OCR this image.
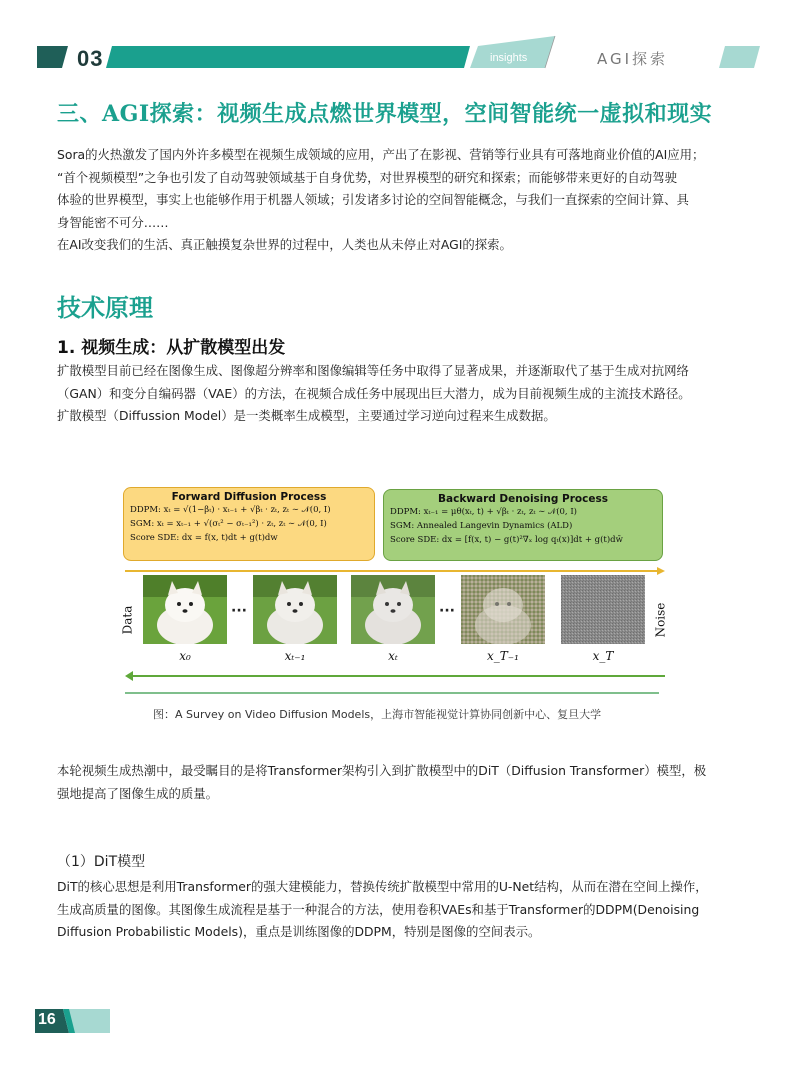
03	insights	AGI探索
三、AGI探索：视频生成点燃世界模型，空间智能统一虚拟和现实
Sora的火热激发了国内外许多模型在视频生成领域的应用，产出了在影视、营销等行业具有可落地商业价值的AI应用；
“首个视频模型”之争也引发了自动驾驶领域基于自身优势，对世界模型的研究和探索；而能够带来更好的自动驾驶
体验的世界模型，事实上也能够作用于机器人领域；引发诸多讨论的空间智能概念，与我们一直探索的空间计算、具
身智能密不可分……
在AI改变我们的生活、真正触摸复杂世界的过程中，人类也从未停止对AGI的探索。
技术原理
1. 视频生成：从扩散模型出发
扩散模型目前已经在图像生成、图像超分辨率和图像编辑等任务中取得了显著成果，并逐渐取代了基于生成对抗网络
（GAN）和变分自编码器（VAE）的方法，在视频合成任务中展现出巨大潜力，成为目前视频生成的主流技术路径。
扩散模型（Diffussion Model）是一类概率生成模型，主要通过学习逆向过程来生成数据。
Forward Diffusion Process
DDPM: xₜ = √(1−βₜ) · xₜ₋₁ + √βₜ · zₜ, zₜ ∼ 𝒩(0, I)
SGM: xₜ = xₜ₋₁ + √(σₜ² − σₜ₋₁²) · zₜ, zₜ ∼ 𝒩(0, I)
Score SDE: dx = f(x, t)dt + g(t)dw
Backward Denoising Process
DDPM: xₜ₋₁ = μθ(xₜ, t) + √βₜ · zₜ, zₜ ∼ 𝒩(0, I)
SGM: Annealed Langevin Dynamics (ALD)
Score SDE: dx = [f(x, t) − g(t)²∇ₓ log qₜ(x)]dt + g(t)dw̄
Data	Noise
···	···
x₀	xₜ₋₁	xₜ	x_T₋₁	x_T
图：A Survey on Video Diffusion Models，上海市智能视觉计算协同创新中心、复旦大学
本轮视频生成热潮中，最受瞩目的是将Transformer架构引入到扩散模型中的DiT（Diffusion Transformer）模型，极
强地提高了图像生成的质量。
（1）DiT模型
DiT的核心思想是利用Transformer的强大建模能力，替换传统扩散模型中常用的U-Net结构，从而在潜在空间上操作，
生成高质量的图像。其图像生成流程是基于一种混合的方法，使用卷积VAEs和基于Transformer的DDPM(Denoising
Diffusion Probabilistic Models)，重点是训练图像的DDPM，特别是图像的空间表示。
16
